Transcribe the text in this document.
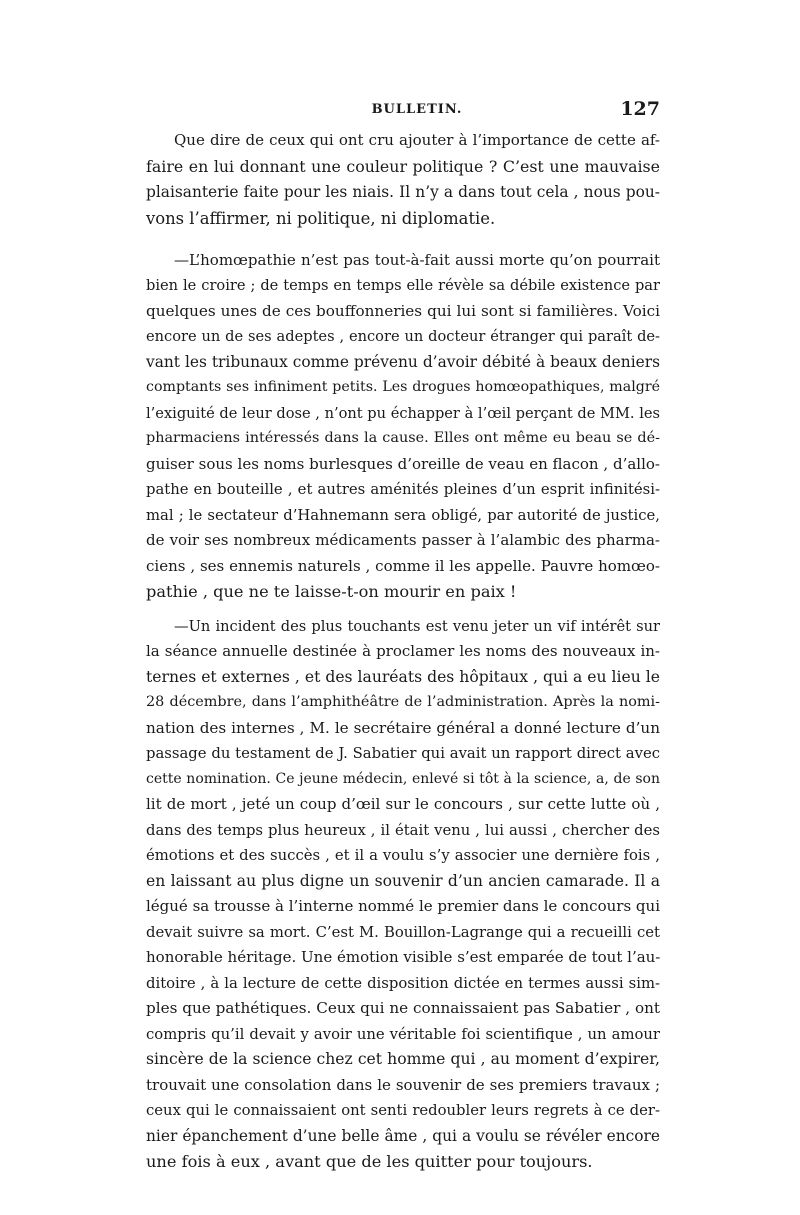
BULLETIN.	127
Que dire de ceux qui ont cru ajouter à l’importance de cette af-
faire en lui donnant une couleur politique ? C’est une mauvaise
plaisanterie faite pour les niais. Il n’y a dans tout cela , nous pou-
vons l’affirmer, ni politique, ni diplomatie.
—L’homœpathie n’est pas tout-à-fait aussi morte qu’on pourrait
bien le croire ; de temps en temps elle révèle sa débile existence par
quelques unes de ces bouffonneries qui lui sont si familières. Voici
encore un de ses adeptes , encore un docteur étranger qui paraît de-
vant les tribunaux comme prévenu d’avoir débité à beaux deniers
comptants ses infiniment petits. Les drogues homœopathiques, malgré
l’exiguité de leur dose , n’ont pu échapper à l’œil perçant de MM. les
pharmaciens intéressés dans la cause. Elles ont même eu beau se dé-
guiser sous les noms burlesques d’oreille de veau en flacon , d’allo-
pathe en bouteille , et autres aménités pleines d’un esprit infinitési-
mal ; le sectateur d’Hahnemann sera obligé, par autorité de justice,
de voir ses nombreux médicaments passer à l’alambic des pharma-
ciens , ses ennemis naturels , comme il les appelle. Pauvre homœo-
pathie , que ne te laisse-t-on mourir en paix !
—Un incident des plus touchants est venu jeter un vif intérêt sur
la séance annuelle destinée à proclamer les noms des nouveaux in-
ternes et externes , et des lauréats des hôpitaux , qui a eu lieu le
28 décembre, dans l’amphithéâtre de l’administration. Après la nomi-
nation des internes , M. le secrétaire général a donné lecture d’un
passage du testament de J. Sabatier qui avait un rapport direct avec
cette nomination. Ce jeune médecin, enlevé si tôt à la science, a, de son
lit de mort , jeté un coup d’œil sur le concours , sur cette lutte où ,
dans des temps plus heureux , il était venu , lui aussi , chercher des
émotions et des succès , et il a voulu s’y associer une dernière fois ,
en laissant au plus digne un souvenir d’un ancien camarade. Il a
légué sa trousse à l’interne nommé le premier dans le concours qui
devait suivre sa mort. C’est M. Bouillon-Lagrange qui a recueilli cet
honorable héritage. Une émotion visible s’est emparée de tout l’au-
ditoire , à la lecture de cette disposition dictée en termes aussi sim-
ples que pathétiques. Ceux qui ne connaissaient pas Sabatier , ont
compris qu’il devait y avoir une véritable foi scientifique , un amour
sincère de la science chez cet homme qui , au moment d’expirer,
trouvait une consolation dans le souvenir de ses premiers travaux ;
ceux qui le connaissaient ont senti redoubler leurs regrets à ce der-
nier épanchement d’une belle âme , qui a voulu se révéler encore
une fois à eux , avant que de les quitter pour toujours.
